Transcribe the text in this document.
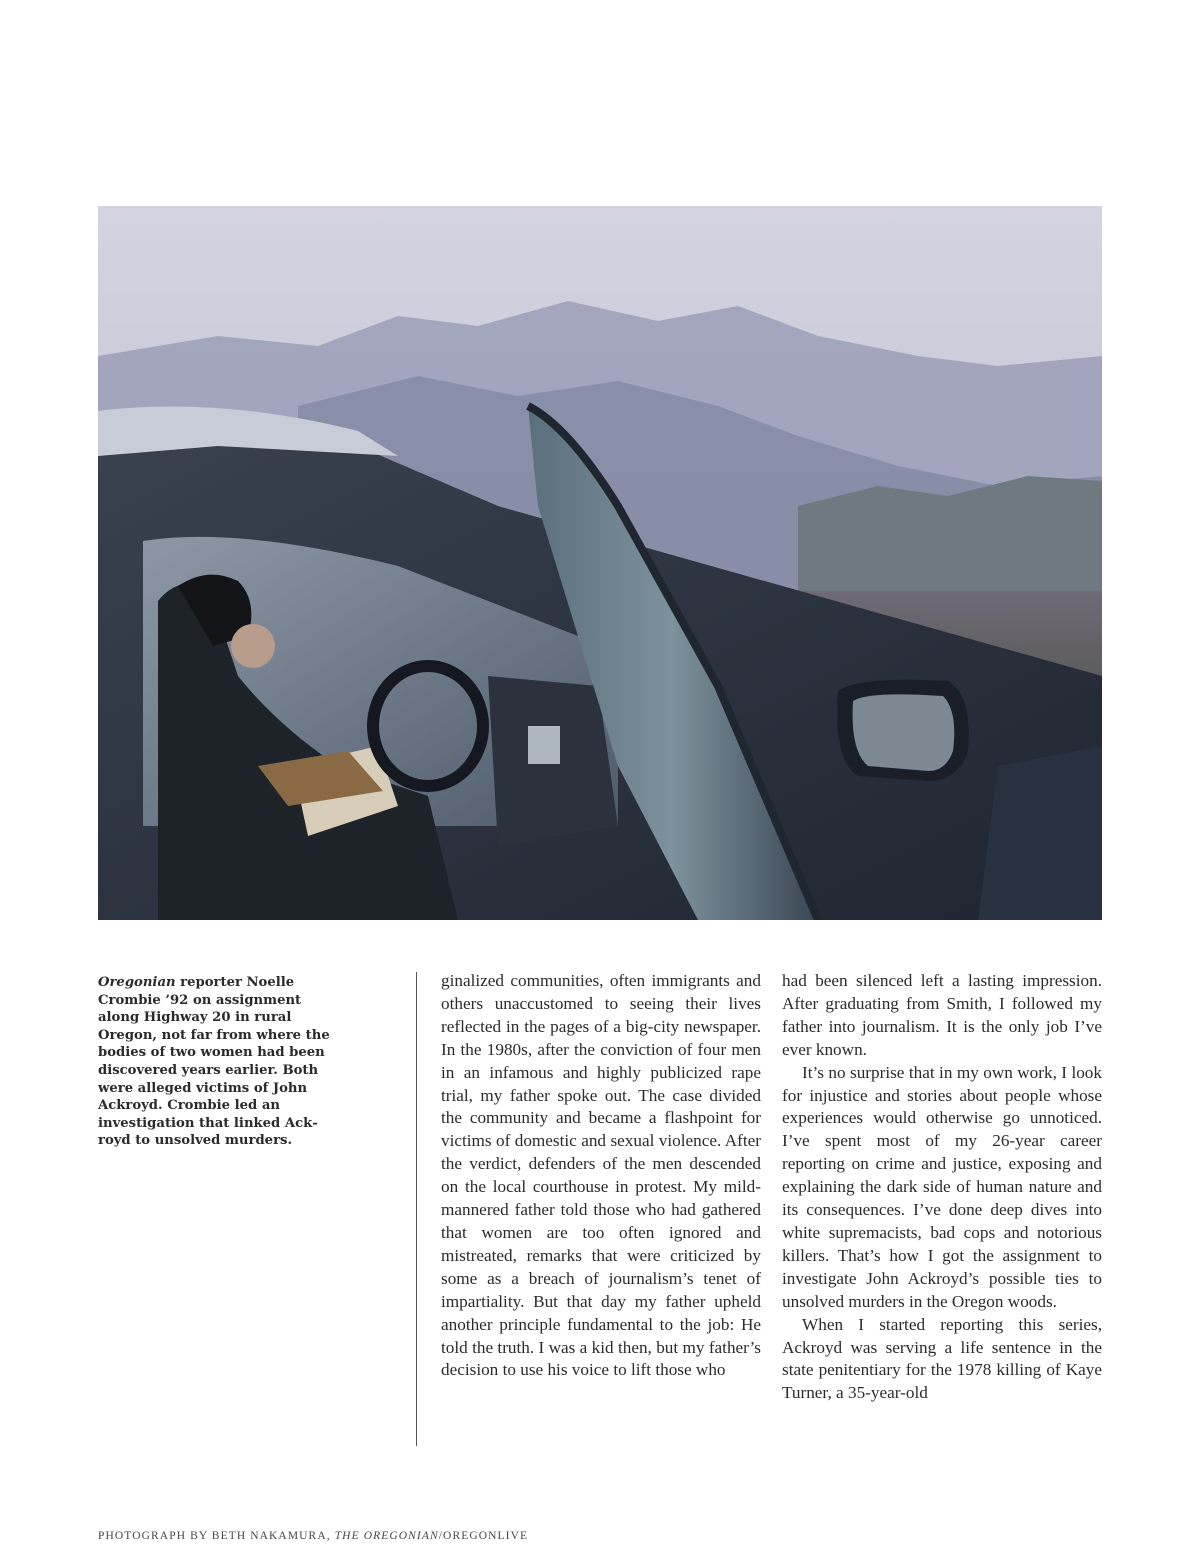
Oregonian reporter Noelle Crombie ’92 on assignment along Highway 20 in rural Oregon, not far from where the bodies of two women had been discovered years earlier. Both were alleged victims of John Ackroyd. Crombie led an investigation that linked Ackroyd to unsolved murders.

ginalized communities, often immigrants and others unaccustomed to seeing their lives reflected in the pages of a big-city newspaper. In the 1980s, after the conviction of four men in an infamous and highly publicized rape trial, my father spoke out. The case divided the community and became a flashpoint for victims of domestic and sexual violence. After the verdict, defenders of the men descended on the local courthouse in protest. My mild-mannered father told those who had gathered that women are too often ignored and mistreated, remarks that were criticized by some as a breach of journalism’s tenet of impartiality. But that day my father upheld another principle fundamental to the job: He told the truth. I was a kid then, but my father’s decision to use his voice to lift those who

had been silenced left a lasting impression. After graduating from Smith, I followed my father into journalism. It is the only job I’ve ever known.

It’s no surprise that in my own work, I look for injustice and stories about people whose experiences would otherwise go unnoticed. I’ve spent most of my 26-year career reporting on crime and justice, exposing and explaining the dark side of human nature and its consequences. I’ve done deep dives into white supremacists, bad cops and notorious killers. That’s how I got the assignment to investigate John Ackroyd’s possible ties to unsolved murders in the Oregon woods.

When I started reporting this series, Ackroyd was serving a life sentence in the state penitentiary for the 1978 killing of Kaye Turner, a 35-year-old

PHOTOGRAPH BY BETH NAKAMURA, THE OREGONIAN/OREGONLIVE
